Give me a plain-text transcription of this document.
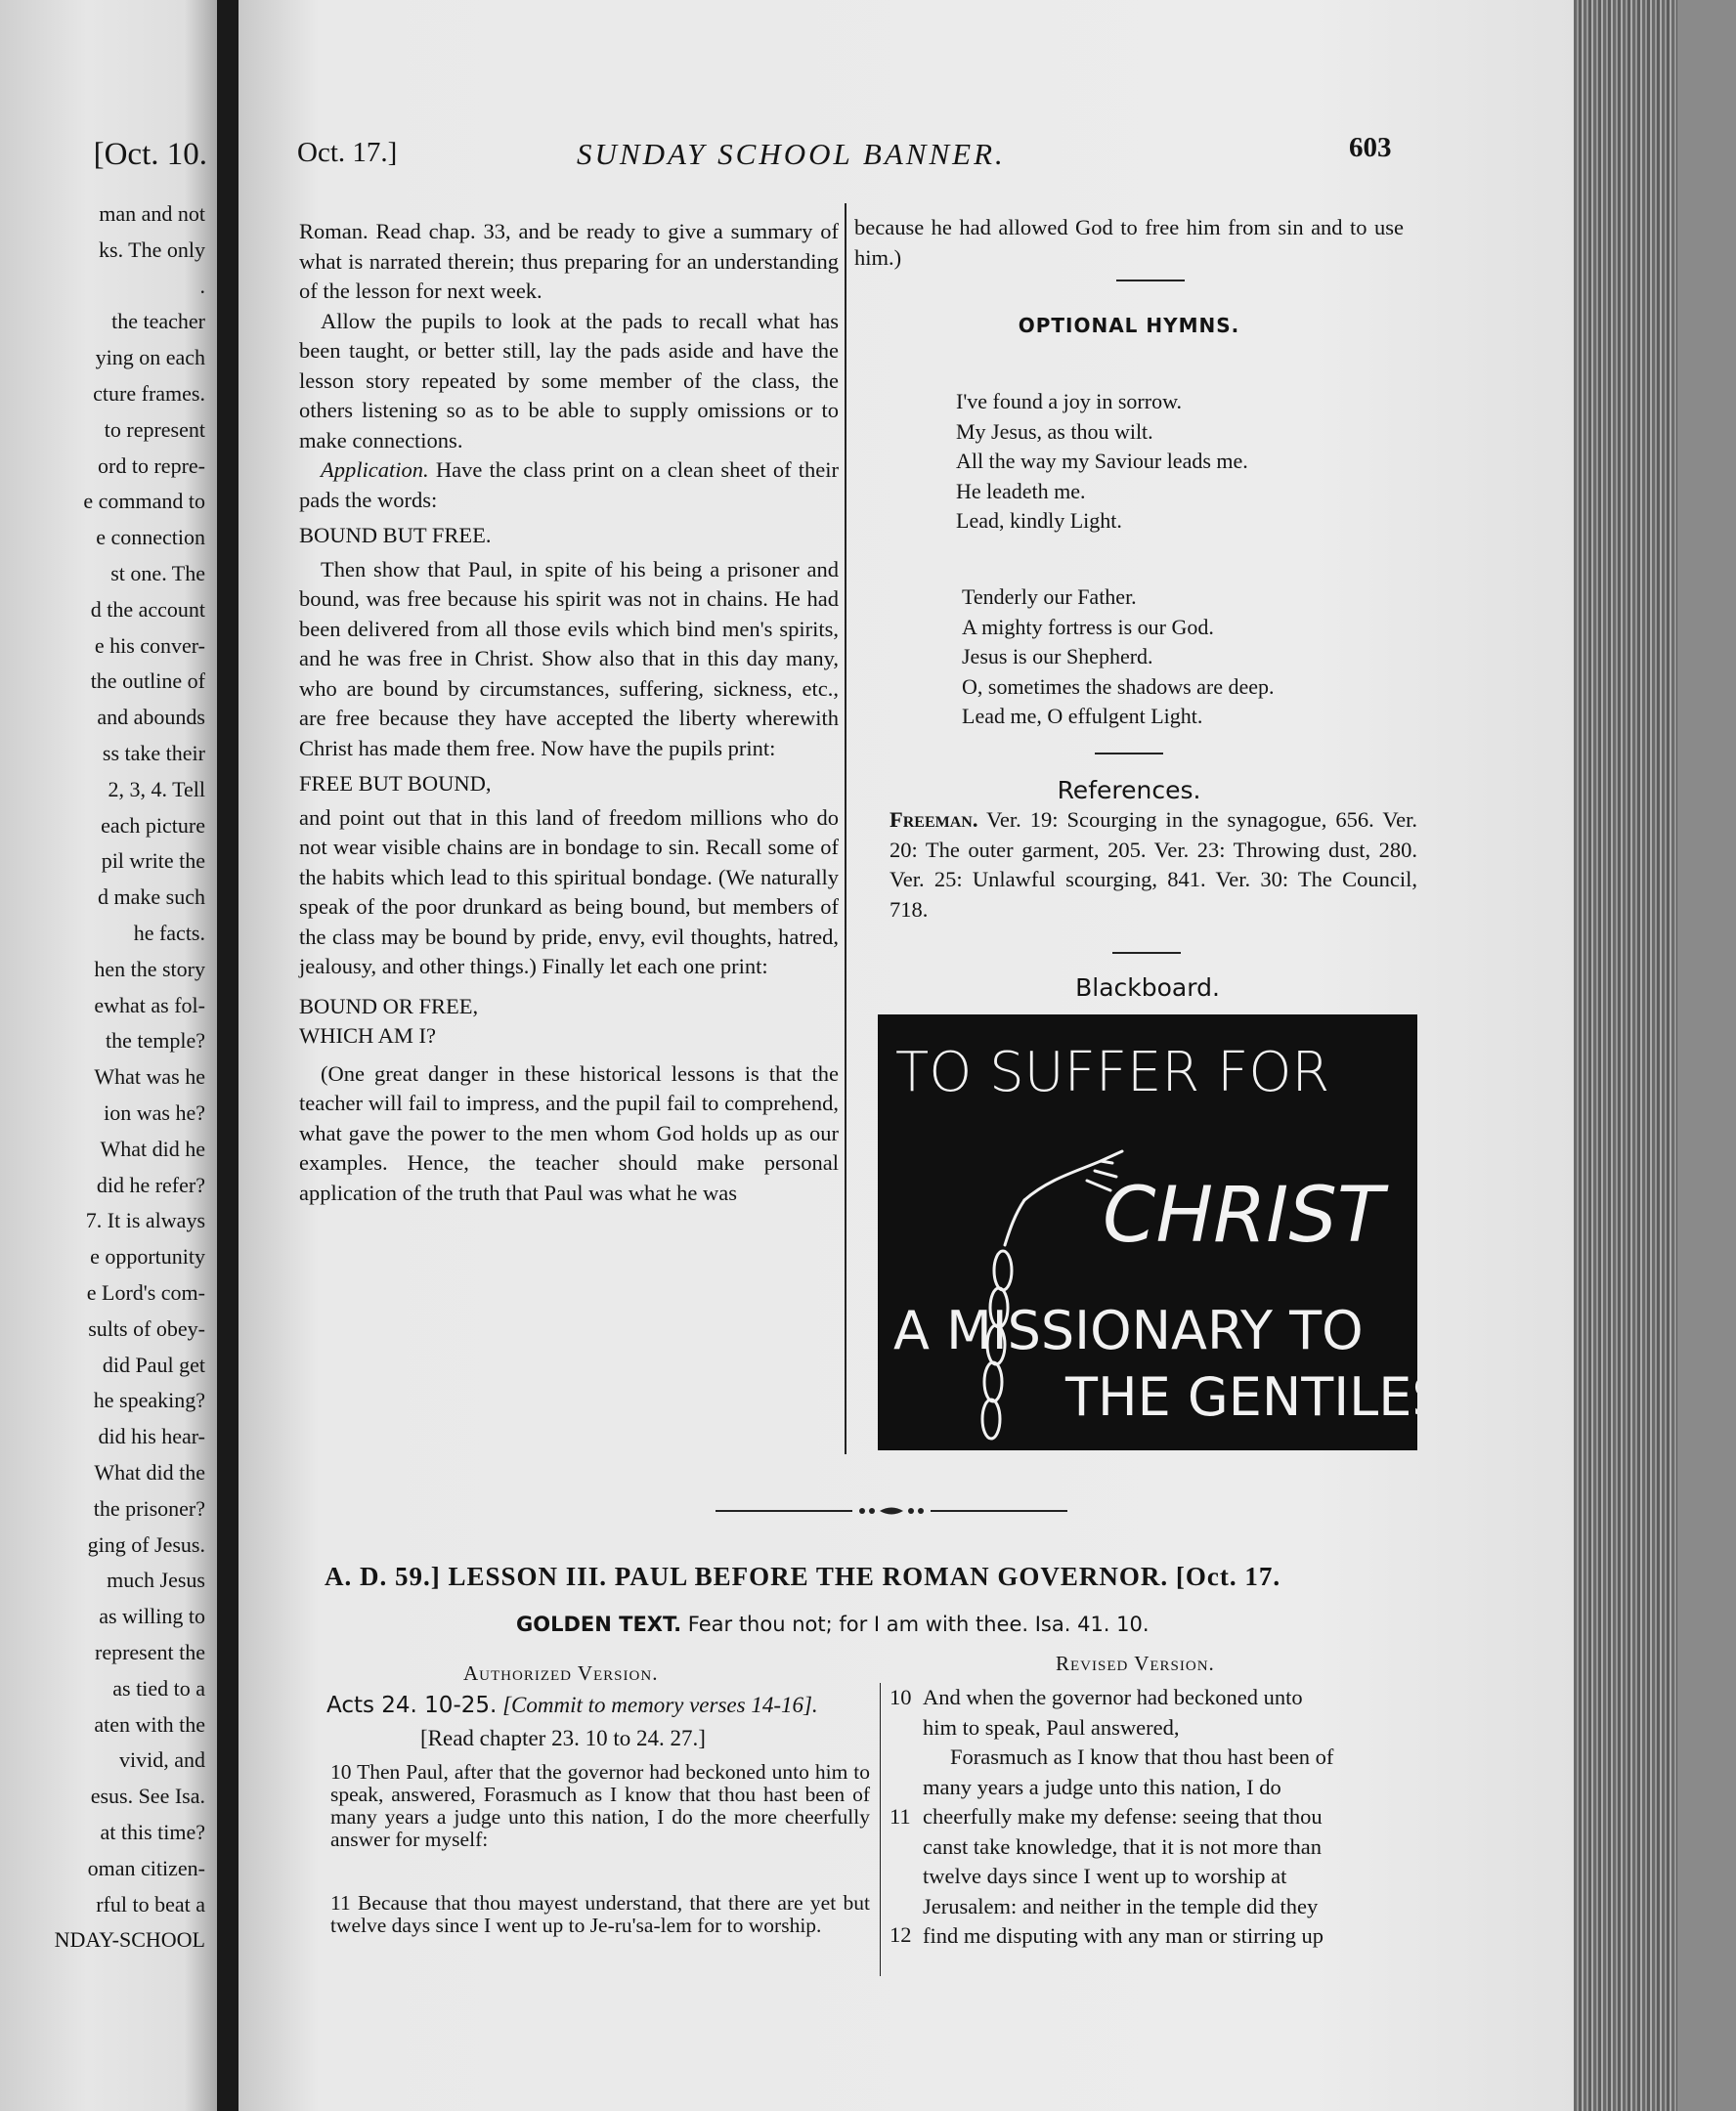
[Oct. 10.
man and not
ks. The only
.
the teacher
ying on each
cture frames.
to represent
ord to repre-
e command to
e connection
st one. The
d the account
e his conver-
the outline of
and abounds
ss take their
2, 3, 4. Tell
each picture
pil write the
d make such
he facts.
hen the story
ewhat as fol-
the temple?
What was he
ion was he?
What did he
did he refer?
7. It is always
e opportunity
e Lord's com-
sults of obey-
did Paul get
he speaking?
did his hear-
What did the
the prisoner?
ging of Jesus.
much Jesus
as willing to
represent the
as tied to a
aten with the
vivid, and
esus. See Isa.
at this time?
oman citizen-
rful to beat a
NDAY-SCHOOL
Oct. 17.]	SUNDAY SCHOOL BANNER.	603

Roman. Read chap. 33, and be ready to give a summary of what is narrated therein; thus preparing for an understanding of the lesson for next week.

Allow the pupils to look at the pads to recall what has been taught, or better still, lay the pads aside and have the lesson story repeated by some member of the class, the others listening so as to be able to supply omissions or to make connections.

Application. Have the class print on a clean sheet of their pads the words:

BOUND BUT FREE.

Then show that Paul, in spite of his being a prisoner and bound, was free because his spirit was not in chains. He had been delivered from all those evils which bind men's spirits, and he was free in Christ. Show also that in this day many, who are bound by circumstances, suffering, sickness, etc., are free because they have accepted the liberty wherewith Christ has made them free. Now have the pupils print:

FREE BUT BOUND,

and point out that in this land of freedom millions who do not wear visible chains are in bondage to sin. Recall some of the habits which lead to this spiritual bondage. (We naturally speak of the poor drunkard as being bound, but members of the class may be bound by pride, envy, evil thoughts, hatred, jealousy, and other things.) Finally let each one print:

BOUND OR FREE,

WHICH AM I?

(One great danger in these historical lessons is that the teacher will fail to impress, and the pupil fail to comprehend, what gave the power to the men whom God holds up as our examples. Hence, the teacher should make personal application of the truth that Paul was what he was

because he had allowed God to free him from sin and to use him.)

OPTIONAL HYMNS.
I've found a joy in sorrow.
My Jesus, as thou wilt.
All the way my Saviour leads me.
He leadeth me.
Lead, kindly Light.
Tenderly our Father.
A mighty fortress is our God.
Jesus is our Shepherd.
O, sometimes the shadows are deep.
Lead me, O effulgent Light.
References.

Freeman. Ver. 19: Scourging in the synagogue, 656. Ver. 20: The outer garment, 205. Ver. 23: Throwing dust, 280. Ver. 25: Unlawful scourging, 841. Ver. 30: The Council, 718.

Blackboard.
TO SUFFER FOR
CHRIST
A MISSIONARY TO
THE GENTILES
A. D. 59.] LESSON III. PAUL BEFORE THE ROMAN GOVERNOR. [Oct. 17.
GOLDEN TEXT. Fear thou not; for I am with thee. Isa. 41. 10.
Authorized Version.	Revised Version.
Acts 24. 10-25. [Commit to memory verses 14-16].
[Read chapter 23. 10 to 24. 27.]
10 Then Paul, after that the governor had beckoned unto him to speak, answered, Forasmuch as I know that thou hast been of many years a judge unto this nation, I do the more cheerfully answer for myself:
11 Because that thou mayest understand, that there are yet but twelve days since I went up to Je-ru'sa-lem for to worship.
10
11
12
And when the governor had beckoned unto
him to speak, Paul answered,
Forasmuch as I know that thou hast been of
many years a judge unto this nation, I do
cheerfully make my defense: seeing that thou
canst take knowledge, that it is not more than
twelve days since I went up to worship at
Jerusalem: and neither in the temple did they
find me disputing with any man or stirring up
